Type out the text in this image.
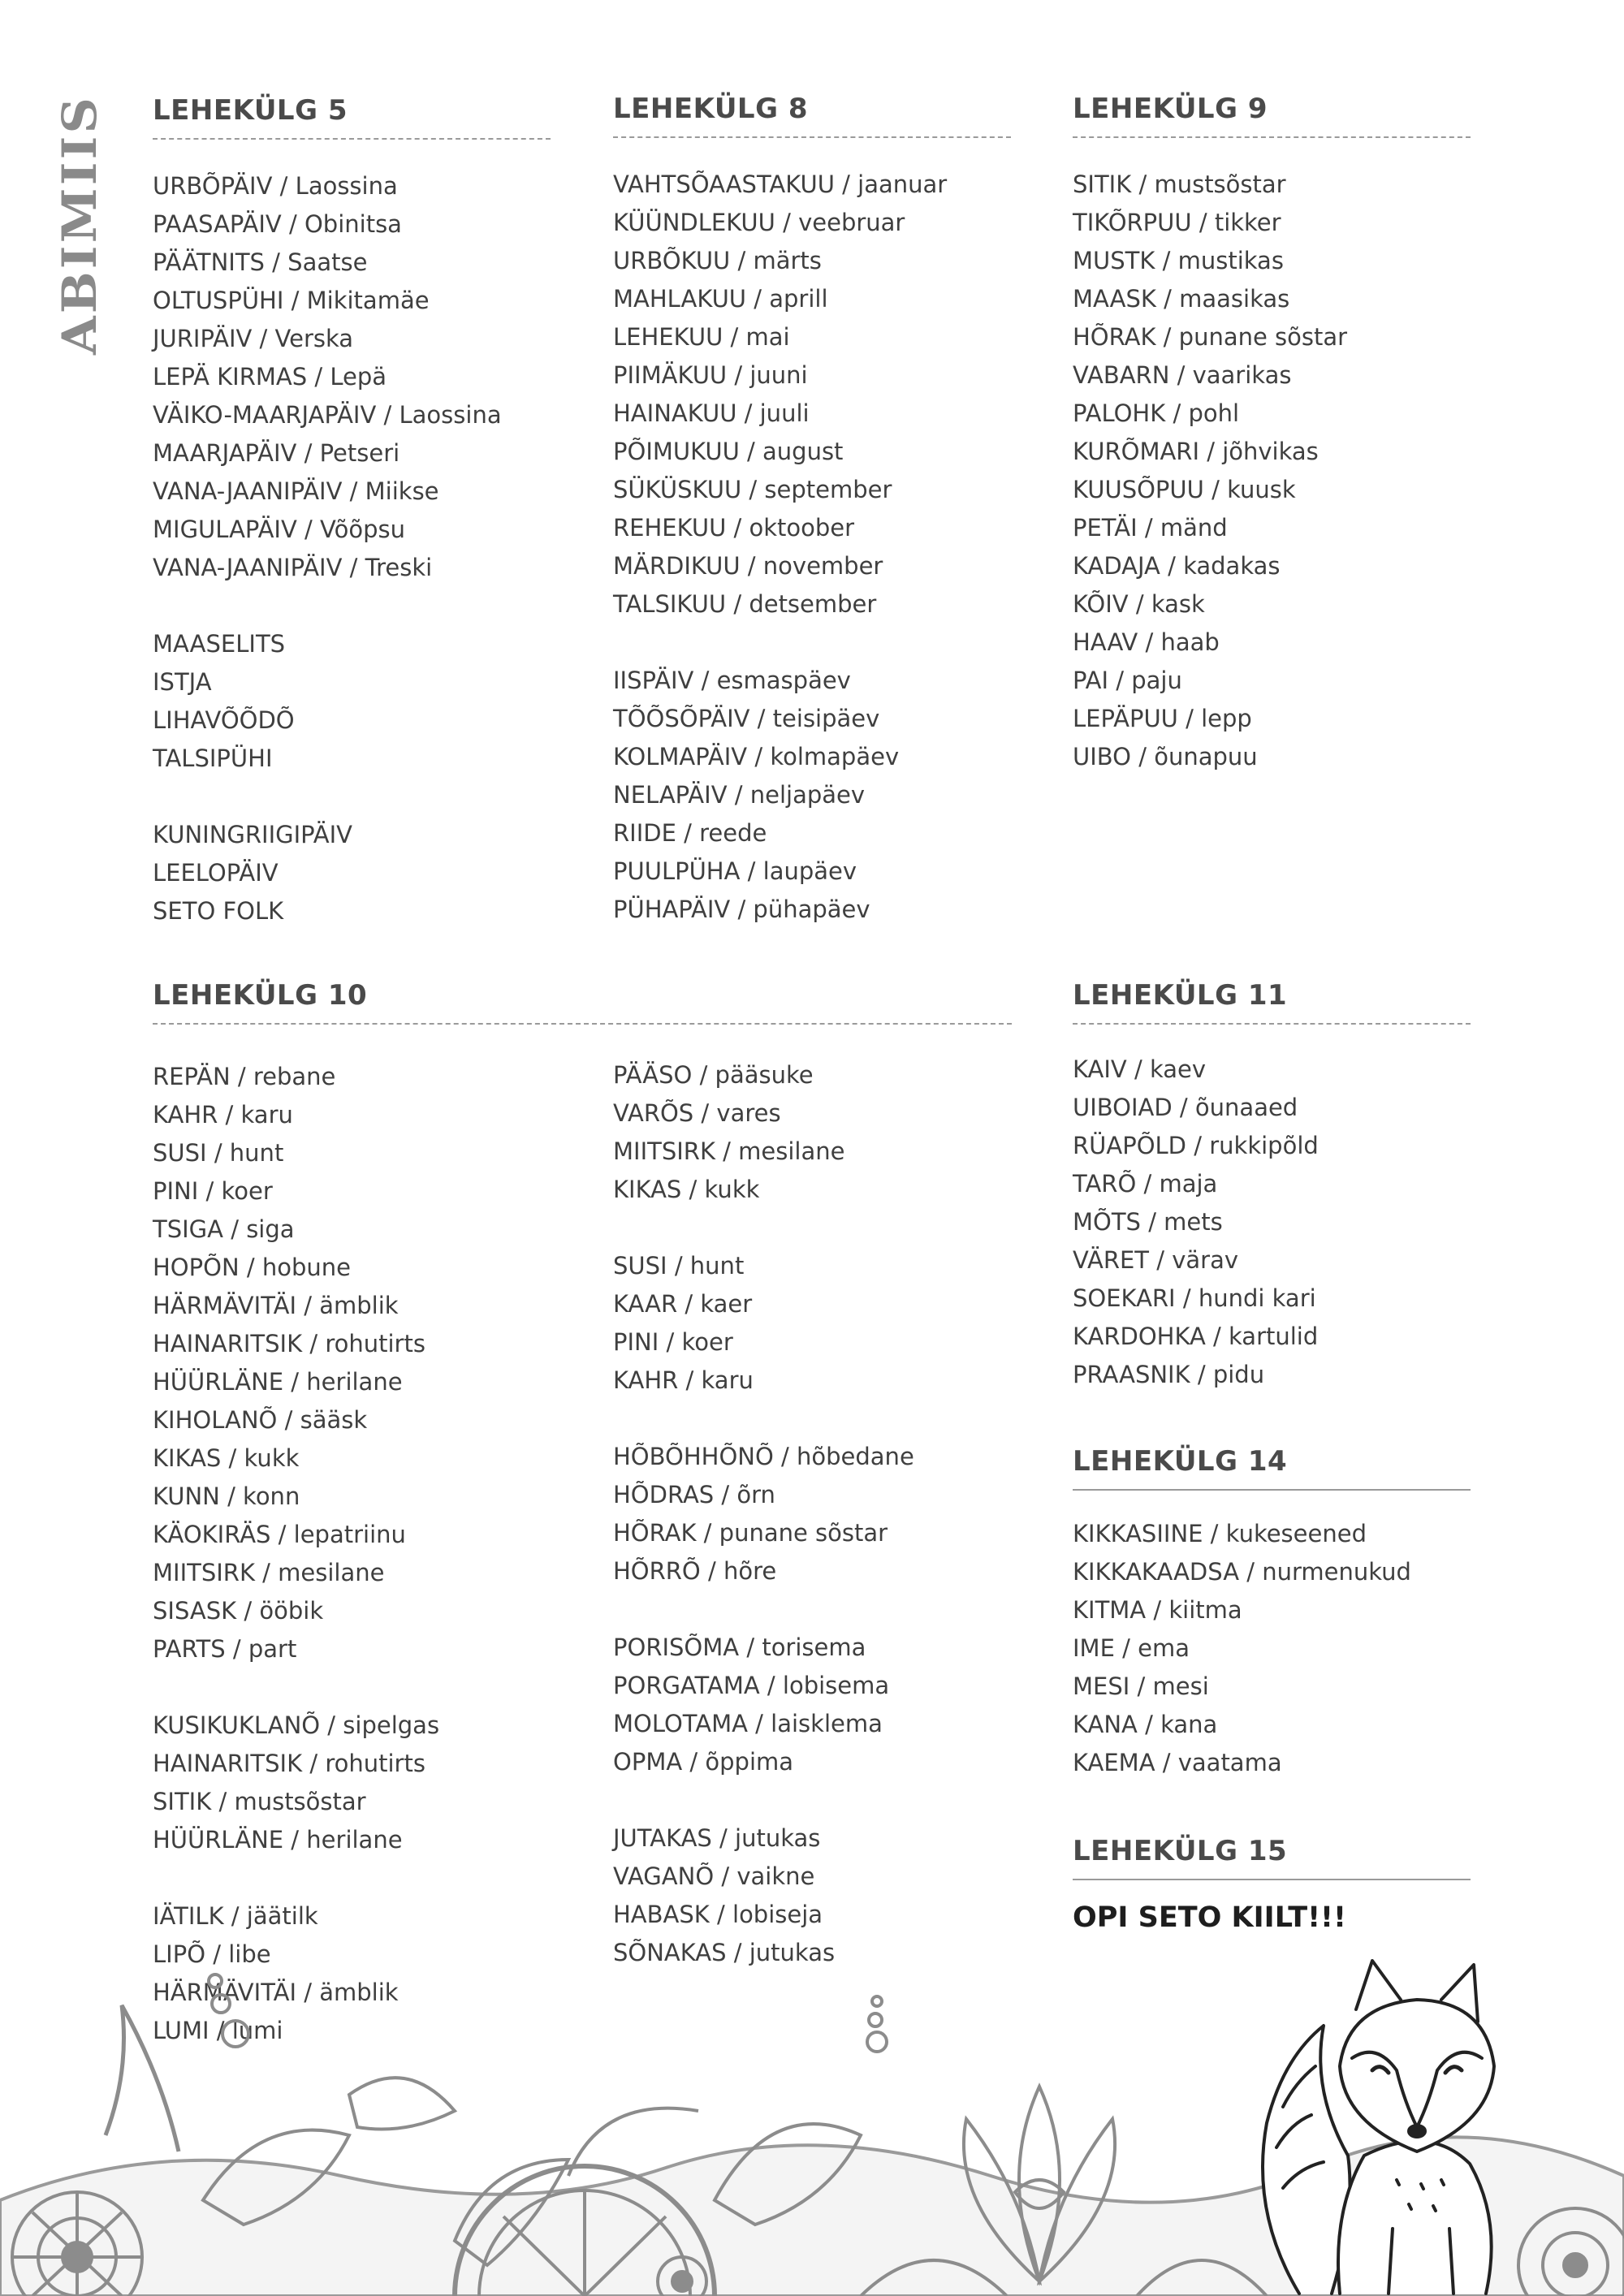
ABIMIIS LEHEKÜLG 5
URBÕPÄIV / Laossina
PAASAPÄIV / Obinitsa
PÄÄTNITS / Saatse
OLTUSPÜHI / Mikitamäe
JURIPÄIV / Verska
LEPÄ KIRMAS / Lepä
VÄIKO-MAARJAPÄIV / Laossina
MAARJAPÄIV / Petseri
VANA-JAANIPÄIV / Miikse
MIGULAPÄIV / Võõpsu
VANA-JAANIPÄIV / Treski
MAASELITS
ISTJA
LIHAVÕÕDÕ
TALSIPÜHI
KUNINGRIIGIPÄIV
LEELOPÄIV
SETO FOLK
LEHEKÜLG 8
VAHTSÕAASTAKUU / jaanuar
KÜÜNDLEKUU / veebruar
URBÕKUU / märts
MAHLAKUU / aprill
LEHEKUU / mai
PIIMÄKUU / juuni
HAINAKUU / juuli
PÕIMUKUU / august
SÜKÜSKUU / september
REHEKUU / oktoober
MÄRDIKUU / november
TALSIKUU / detsember
IISPÄIV / esmaspäev
TÕÕSÕPÄIV / teisipäev
KOLMAPÄIV / kolmapäev
NELAPÄIV / neljapäev
RIIDE / reede
PUULPÜHA / laupäev
PÜHAPÄIV / pühapäev
LEHEKÜLG 9
SITIK / mustsõstar
TIKÕRPUU / tikker
MUSTK / mustikas
MAASK / maasikas
HÕRAK / punane sõstar
VABARN / vaarikas
PALOHK / pohl
KURÕMARI / jõhvikas
KUUSÕPUU / kuusk
PETÄI / mänd
KADAJA / kadakas
KÕIV / kask
HAAV / haab
PAI / paju
LEPÄPUU / lepp
UIBO / õunapuu
LEHEKÜLG 10
REPÄN / rebane
KAHR / karu
SUSI / hunt
PINI / koer
TSIGA / siga
HOPÕN / hobune
HÄRMÄVITÄI / ämblik
HAINARITSIK / rohutirts
HÜÜRLÄNE / herilane
KIHOLANÕ / sääsk
KIKAS / kukk
KUNN / konn
KÄOKIRÄS / lepatriinu
MIITSIRK / mesilane
SISASK / ööbik
PARTS / part
KUSIKUKLANÕ / sipelgas
HAINARITSIK / rohutirts
SITIK / mustsõstar
HÜÜRLÄNE / herilane
IÄTILK / jäätilk
LIPÕ / libe
HÄRMÄVITÄI / ämblik
LUMI / lumi
PÄÄSO / pääsuke
VARÕS / vares
MIITSIRK / mesilane
KIKAS / kukk
SUSI / hunt
KAAR / kaer
PINI / koer
KAHR / karu
HÕBÕHHÕNÕ / hõbedane
HÕDRAS / õrn
HÕRAK / punane sõstar
HÕRRÕ / hõre
PORISÕMA / torisema
PORGATAMA / lobisema
MOLOTAMA / laisklema
OPMA / õppima
JUTAKAS / jutukas
VAGANÕ / vaikne
HABASK / lobiseja
SÕNAKAS / jutukas
LEHEKÜLG 11
KAIV / kaev
UIBOIAD / õunaaed
RÜAPÕLD / rukkipõld
TARÕ / maja
MÕTS / mets
VÄRET / värav
SOEKARI / hundi kari
KARDOHKA / kartulid
PRAASNIK / pidu
LEHEKÜLG 14
KIKKASIINE / kukeseened
KIKKAKAADSA / nurmenukud
KITMA / kiitma
IME / ema
MESI / mesi
KANA / kana
KAEMA / vaatama
LEHEKÜLG 15

OPI SETO KIILT!!!
